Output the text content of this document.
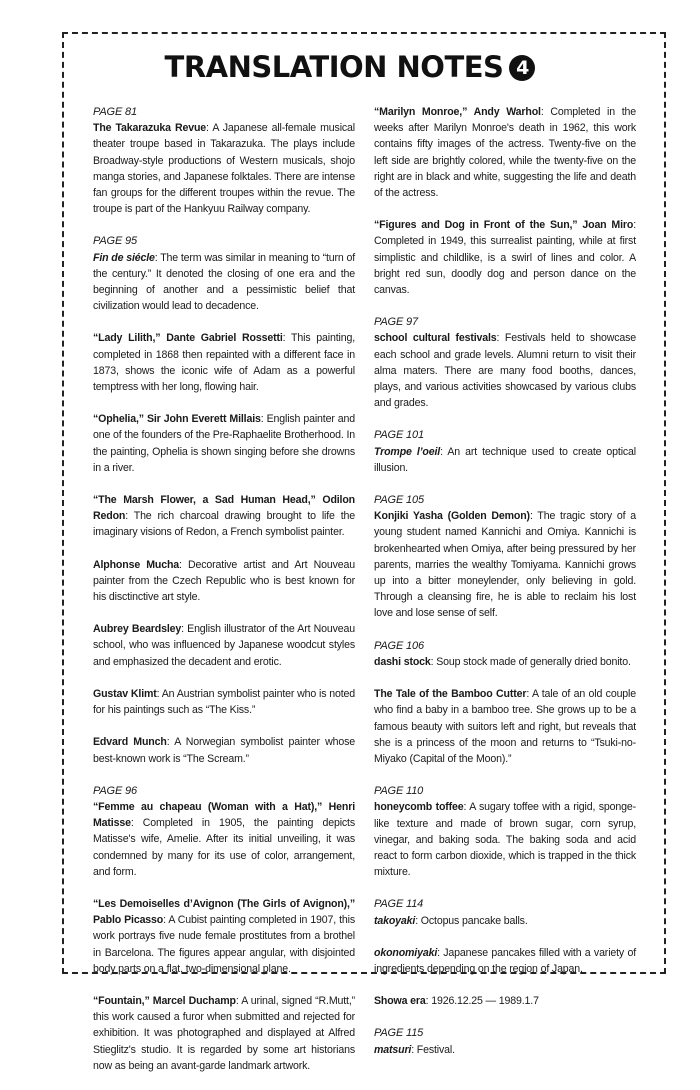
TRANSLATION NOTES 4
PAGE 81
The Takarazuka Revue: A Japanese all-female musical theater troupe based in Takarazuka. The plays include Broadway-style productions of Western musicals, shojo manga stories, and Japanese folktales. There are intense fan groups for the different troupes within the revue. The troupe is part of the Hankyuu Railway company.
PAGE 95
Fin de siécle: The term was similar in meaning to “turn of the century.” It denoted the closing of one era and the beginning of another and a pessimistic belief that civilization would lead to decadence.
“Lady Lilith,” Dante Gabriel Rossetti: This painting, completed in 1868 then repainted with a different face in 1873, shows the iconic wife of Adam as a powerful temptress with her long, flowing hair.
“Ophelia,” Sir John Everett Millais: English painter and one of the founders of the Pre-Raphaelite Brotherhood. In the painting, Ophelia is shown singing before she drowns in a river.
“The Marsh Flower, a Sad Human Head,” Odilon Redon: The rich charcoal drawing brought to life the imaginary visions of Redon, a French symbolist painter.
Alphonse Mucha: Decorative artist and Art Nouveau painter from the Czech Republic who is best known for his disctinctive art style.
Aubrey Beardsley: English illustrator of the Art Nouveau school, who was influenced by Japanese woodcut styles and emphasized the decadent and erotic.
Gustav Klimt: An Austrian symbolist painter who is noted for his paintings such as “The Kiss.”
Edvard Munch: A Norwegian symbolist painter whose best-known work is “The Scream.”
PAGE 96
“Femme au chapeau (Woman with a Hat),” Henri Matisse: Completed in 1905, the painting depicts Matisse's wife, Amelie. After its initial unveiling, it was condemned by many for its use of color, arrangement, and form.
“Les Demoiselles d’Avignon (The Girls of Avignon),” Pablo Picasso: A Cubist painting completed in 1907, this work portrays five nude female prostitutes from a brothel in Barcelona. The figures appear angular, with disjointed body parts on a flat, two-dimensional plane.
“Fountain,” Marcel Duchamp: A urinal, signed “R.Mutt,” this work caused a furor when submitted and rejected for exhibition. It was photographed and displayed at Alfred Stieglitz's studio. It is regarded by some art historians now as being an avant-garde landmark artwork.
“Marilyn Monroe,” Andy Warhol: Completed in the weeks after Marilyn Monroe's death in 1962, this work contains fifty images of the actress. Twenty-five on the left side are brightly colored, while the twenty-five on the right are in black and white, suggesting the life and death of the actress.
“Figures and Dog in Front of the Sun,” Joan Miro: Completed in 1949, this surrealist painting, while at first simplistic and childlike, is a swirl of lines and color. A bright red sun, doodly dog and person dance on the canvas.
PAGE 97
school cultural festivals: Festivals held to showcase each school and grade levels. Alumni return to visit their alma maters. There are many food booths, dances, plays, and various activities showcased by various clubs and grades.
PAGE 101
Trompe l’oeil: An art technique used to create optical illusion.
PAGE 105
Konjiki Yasha (Golden Demon): The tragic story of a young student named Kannichi and Omiya. Kannichi is brokenhearted when Omiya, after being pressured by her parents, marries the wealthy Tomiyama. Kannichi grows up into a bitter moneylender, only believing in gold. Through a cleansing fire, he is able to reclaim his lost love and lose sense of self.
PAGE 106
dashi stock: Soup stock made of generally dried bonito.
The Tale of the Bamboo Cutter: A tale of an old couple who find a baby in a bamboo tree. She grows up to be a famous beauty with suitors left and right, but reveals that she is a princess of the moon and returns to “Tsuki-no-Miyako (Capital of the Moon).”
PAGE 110
honeycomb toffee: A sugary toffee with a rigid, sponge-like texture and made of brown sugar, corn syrup, vinegar, and baking soda. The baking soda and acid react to form carbon dioxide, which is trapped in the thick mixture.
PAGE 114
takoyaki: Octopus pancake balls.
okonomiyaki: Japanese pancakes filled with a variety of ingredients depending on the region of Japan.
Showa era: 1926.12.25 — 1989.1.7
PAGE 115
matsuri: Festival.
